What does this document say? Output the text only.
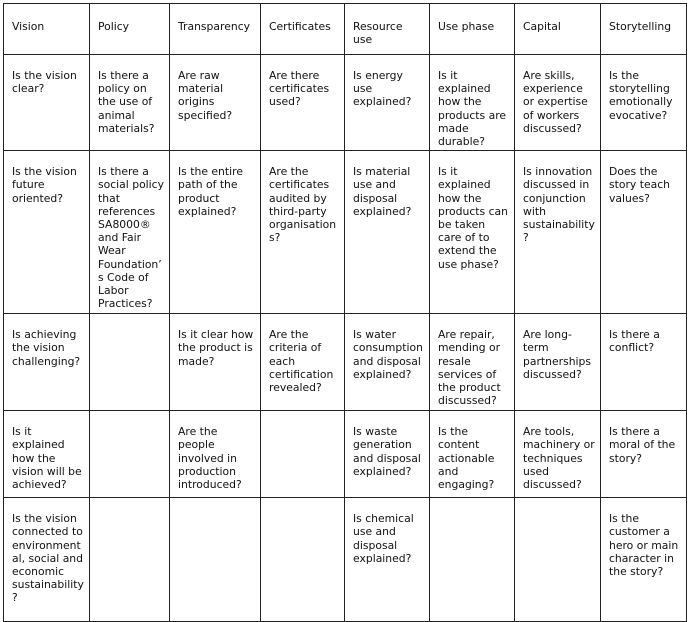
Vision	Policy	Transparency	Certificates	Resource use	Use phase	Capital	Storytelling
Is the vision clear?	Is there a policy on the use of animal materials?	Are raw material origins specified?	Are there certificates used?	Is energy use explained?	Is it explained how the products are made durable?	Are skills, experience or expertise of workers discussed?	Is the storytelling emotionally evocative?
Is the vision future oriented?	Is there a social policy that references SA8000® and Fair Wear Foundation’s Code of Labor Practices?	Is the entire path of the product explained?	Are the certificates audited by third-party organisations?	Is material use and disposal explained?	Is it explained how the products can be taken care of to extend the use phase?	Is innovation discussed in conjunction with sustainability?	Does the story teach values?
Is achieving the vision challenging?		Is it clear how the product is made?	Are the criteria of each certification revealed?	Is water consumption and disposal explained?	Are repair, mending or resale services of the product discussed?	Are long-term partnerships discussed?	Is there a conflict?
Is it explained how the vision will be achieved?		Are the people involved in production introduced?		Is waste generation and disposal explained?	Is the content actionable and engaging?	Are tools, machinery or techniques used discussed?	Is there a moral of the story?
Is the vision connected to environmental, social and economic sustainability?				Is chemical use and disposal explained?			Is the customer a hero or main character in the story?
